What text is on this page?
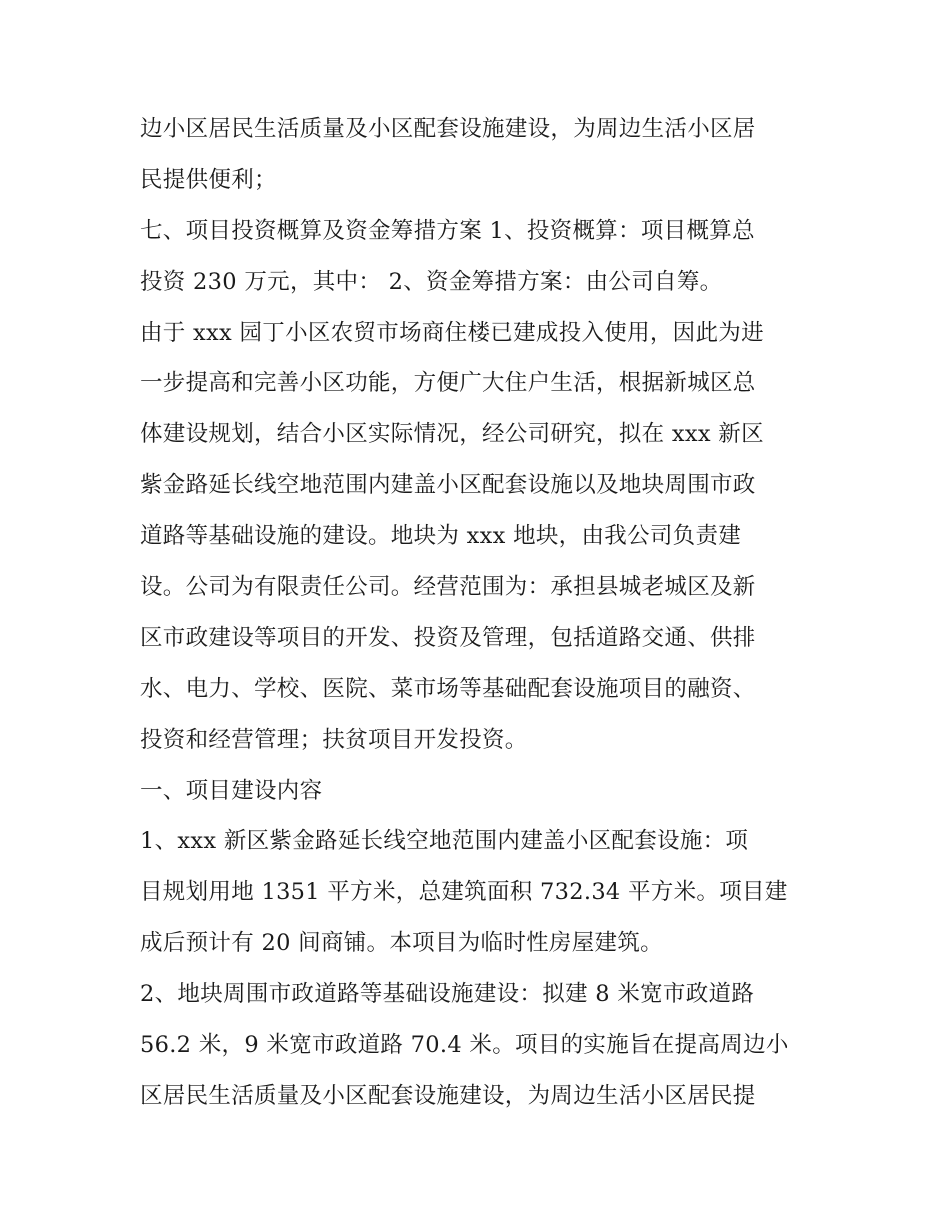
边小区居民生活质量及小区配套设施建设，为周边生活小区居
民提供便利；
七、项目投资概算及资金筹措方案 1、投资概算：项目概算总
投资 230 万元，其中： 2、资金筹措方案：由公司自筹。
由于 xxx 园丁小区农贸市场商住楼已建成投入使用，因此为进
一步提高和完善小区功能，方便广大住户生活，根据新城区总
体建设规划，结合小区实际情况，经公司研究，拟在 xxx 新区
紫金路延长线空地范围内建盖小区配套设施以及地块周围市政
道路等基础设施的建设。地块为 xxx 地块，由我公司负责建
设。公司为有限责任公司。经营范围为：承担县城老城区及新
区市政建设等项目的开发、投资及管理，包括道路交通、供排
水、电力、学校、医院、菜市场等基础配套设施项目的融资、
投资和经营管理；扶贫项目开发投资。
一、项目建设内容
1、xxx 新区紫金路延长线空地范围内建盖小区配套设施：项
目规划用地 1351 平方米，总建筑面积 732.34 平方米。项目建
成后预计有 20 间商铺。本项目为临时性房屋建筑。
2、地块周围市政道路等基础设施建设：拟建 8 米宽市政道路
56.2 米，9 米宽市政道路 70.4 米。项目的实施旨在提高周边小
区居民生活质量及小区配套设施建设，为周边生活小区居民提
